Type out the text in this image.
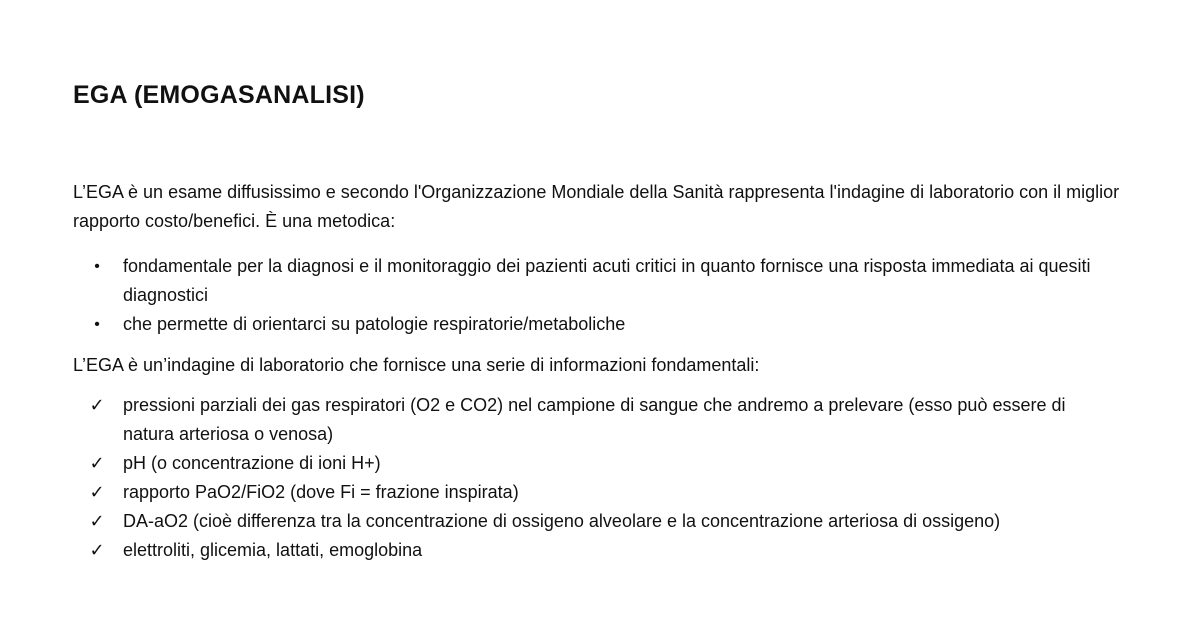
EGA (EMOGASANALISI)

L’EGA è un esame diffusissimo e secondo l'Organizzazione Mondiale della Sanità rappresenta l'indagine di laboratorio con il miglior rapporto costo/benefici. È una metodica:

•	fondamentale per la diagnosi e il monitoraggio dei pazienti acuti critici in quanto fornisce una risposta immediata ai quesiti diagnostici
•	che permette di orientarci su patologie respiratorie/metaboliche

L’EGA è un’indagine di laboratorio che fornisce una serie di informazioni fondamentali:

✓ pressioni parziali dei gas respiratori (O2 e CO2) nel campione di sangue che andremo a prelevare (esso può essere di natura arteriosa o venosa)
✓ pH (o concentrazione di ioni H+)
✓ rapporto PaO2/FiO2 (dove Fi = frazione inspirata)
✓ DA-aO2 (cioè differenza tra la concentrazione di ossigeno alveolare e la concentrazione arteriosa di ossigeno)
✓ elettroliti, glicemia, lattati, emoglobina
